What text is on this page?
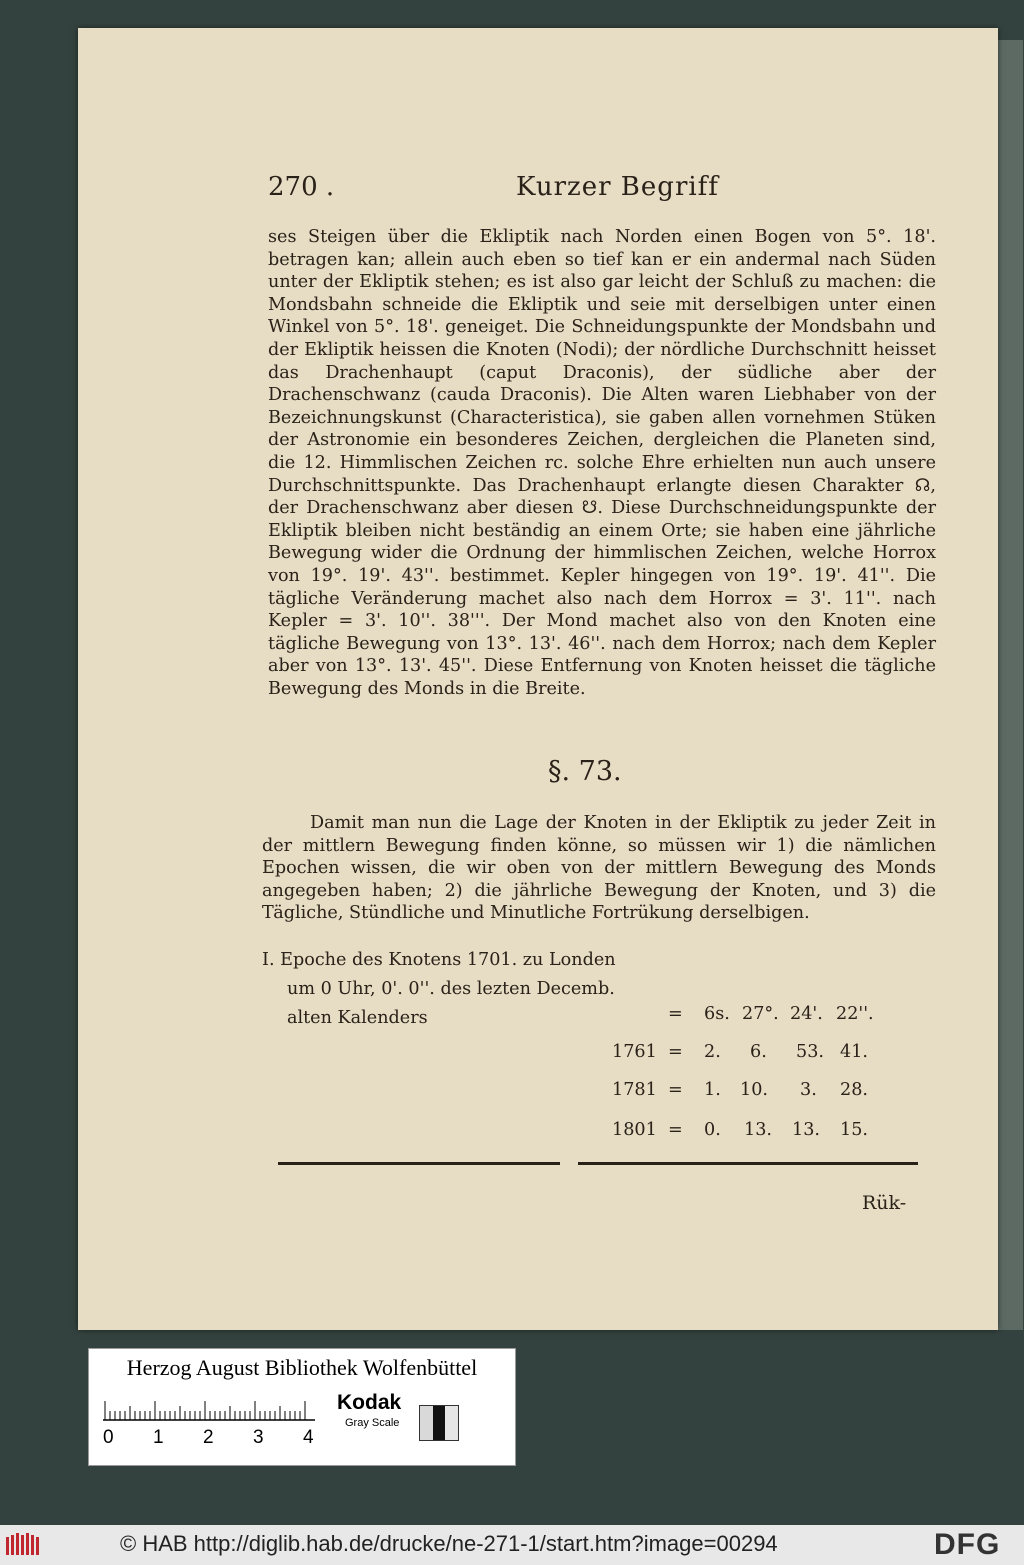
270 .	Kurzer Begriff

ses Steigen über die Ekliptik nach Norden einen Bogen von 5°. 18'. betragen kan; allein auch eben so tief kan er ein andermal nach Süden unter der Ekliptik stehen; es ist also gar leicht der Schluß zu machen: die Mondsbahn schneide die Ekliptik und seie mit derselbigen unter einen Winkel von 5°. 18'. geneiget. Die Schneidungspunkte der Mondsbahn und der Ekliptik heissen die Knoten (Nodi); der nördliche Durchschnitt heisset das Drachenhaupt (caput Draconis), der südliche aber der Drachenschwanz (cauda Draconis). Die Alten waren Liebhaber von der Bezeichnungskunst (Characteristica), sie gaben allen vornehmen Stüken der Astronomie ein besonderes Zeichen, dergleichen die Planeten sind, die 12. Himmlischen Zeichen rc. solche Ehre erhielten nun auch unsere Durchschnittspunkte. Das Drachenhaupt erlangte diesen Charakter ☊, der Drachenschwanz aber diesen ☋. Diese Durchschneidungspunkte der Ekliptik bleiben nicht beständig an einem Orte; sie haben eine jährliche Bewegung wider die Ordnung der himmlischen Zeichen, welche Horrox von 19°. 19'. 43''. bestimmet. Kepler hingegen von 19°. 19'. 41''. Die tägliche Veränderung machet also nach dem Horrox = 3'. 11''. nach Kepler = 3'. 10''. 38'''. Der Mond machet also von den Knoten eine tägliche Bewegung von 13°. 13'. 46''. nach dem Horrox; nach dem Kepler aber von 13°. 13'. 45''. Diese Entfernung von Knoten heisset die tägliche Bewegung des Monds in die Breite.

§. 73.

Damit man nun die Lage der Knoten in der Ekliptik zu jeder Zeit in der mittlern Bewegung finden könne, so müssen wir 1) die nämlichen Epochen wissen, die wir oben von der mittlern Bewegung des Monds angegeben haben; 2) die jährliche Bewegung der Knoten, und 3) die Tägliche, Stündliche und Minutliche Fortrükung derselbigen.

I. Epoche des Knotens 1701. zu Londen
um 0 Uhr, 0'. 0''. des lezten Decemb.
alten Kalenders	= 6s. 27°. 24'. 22''.
1761 = 2. 6. 53. 41.
1781 = 1. 10. 3. 28.
1801 = 0. 13. 13. 15.
Rük-
Herzog August Bibliothek Wolfenbüttel
0 1 2 3 4
Kodak
Gray Scale
© HAB http://diglib.hab.de/drucke/ne-271-1/start.htm?image=00294	DFG
